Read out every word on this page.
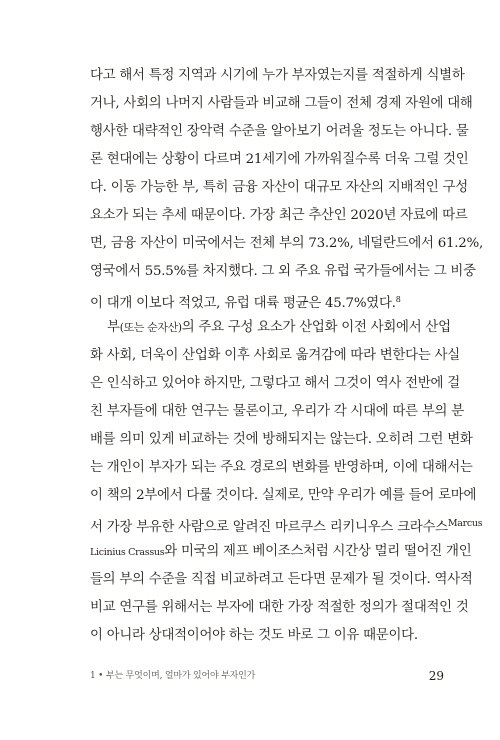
다고 해서 특정 지역과 시기에 누가 부자였는지를 적절하게 식별하
거나, 사회의 나머지 사람들과 비교해 그들이 전체 경제 자원에 대해
행사한 대략적인 장악력 수준을 알아보기 어려울 정도는 아니다. 물
론 현대에는 상황이 다르며 21세기에 가까워질수록 더욱 그럴 것인
다. 이동 가능한 부, 특히 금융 자산이 대규모 자산의 지배적인 구성
요소가 되는 추세 때문이다. 가장 최근 추산인 2020년 자료에 따르
면, 금융 자산이 미국에서는 전체 부의 73.2%, 네덜란드에서 61.2%,
영국에서 55.5%를 차지했다. 그 외 주요 유럽 국가들에서는 그 비중
이 대개 이보다 적었고, 유럽 대륙 평균은 45.7%였다.$^8$
부(또는 순자산)의 주요 구성 요소가 산업화 이전 사회에서 산업
화 사회, 더욱이 산업화 이후 사회로 옮겨감에 따라 변한다는 사실
은 인식하고 있어야 하지만, 그렇다고 해서 그것이 역사 전반에 걸
친 부자들에 대한 연구는 물론이고, 우리가 각 시대에 따른 부의 분
배를 의미 있게 비교하는 것에 방해되지는 않는다. 오히려 그런 변화
는 개인이 부자가 되는 주요 경로의 변화를 반영하며, 이에 대해서는
이 책의 2부에서 다룰 것이다. 실제로, 만약 우리가 예를 들어 로마에
서 가장 부유한 사람으로 알려진 마르쿠스 리키니우스 크라수스$^{Marcus}$
Licinius Crassus와 미국의 제프 베이조스처럼 시간상 멀리 떨어진 개인
들의 부의 수준을 직접 비교하려고 든다면 문제가 될 것이다. 역사적
비교 연구를 위해서는 부자에 대한 가장 적절한 정의가 절대적인 것
이 아니라 상대적이어야 하는 것도 바로 그 이유 때문이다.
1 • 부는 무엇이며, 얼마가 있어야 부자인가	29
